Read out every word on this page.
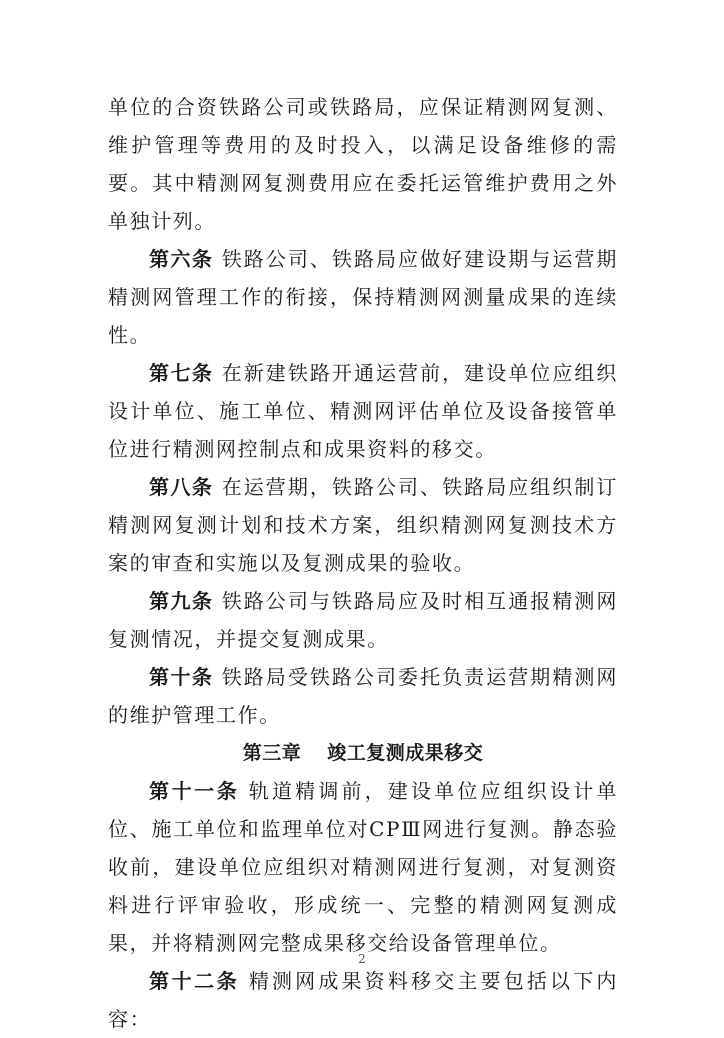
单位的合资铁路公司或铁路局，应保证精测网复测、维护管理等费用的及时投入，以满足设备维修的需要。其中精测网复测费用应在委托运管维护费用之外单独计列。

第六条 铁路公司、铁路局应做好建设期与运营期精测网管理工作的衔接，保持精测网测量成果的连续性。

第七条 在新建铁路开通运营前，建设单位应组织设计单位、施工单位、精测网评估单位及设备接管单位进行精测网控制点和成果资料的移交。

第八条 在运营期，铁路公司、铁路局应组织制订精测网复测计划和技术方案，组织精测网复测技术方案的审查和实施以及复测成果的验收。

第九条 铁路公司与铁路局应及时相互通报精测网复测情况，并提交复测成果。

第十条 铁路局受铁路公司委托负责运营期精测网的维护管理工作。

第三章 竣工复测成果移交

第十一条 轨道精调前，建设单位应组织设计单位、施工单位和监理单位对CPⅢ网进行复测。静态验收前，建设单位应组织对精测网进行复测，对复测资料进行评审验收，形成统一、完整的精测网复测成果，并将精测网完整成果移交给设备管理单位。

第十二条 精测网成果资料移交主要包括以下内容：

2
